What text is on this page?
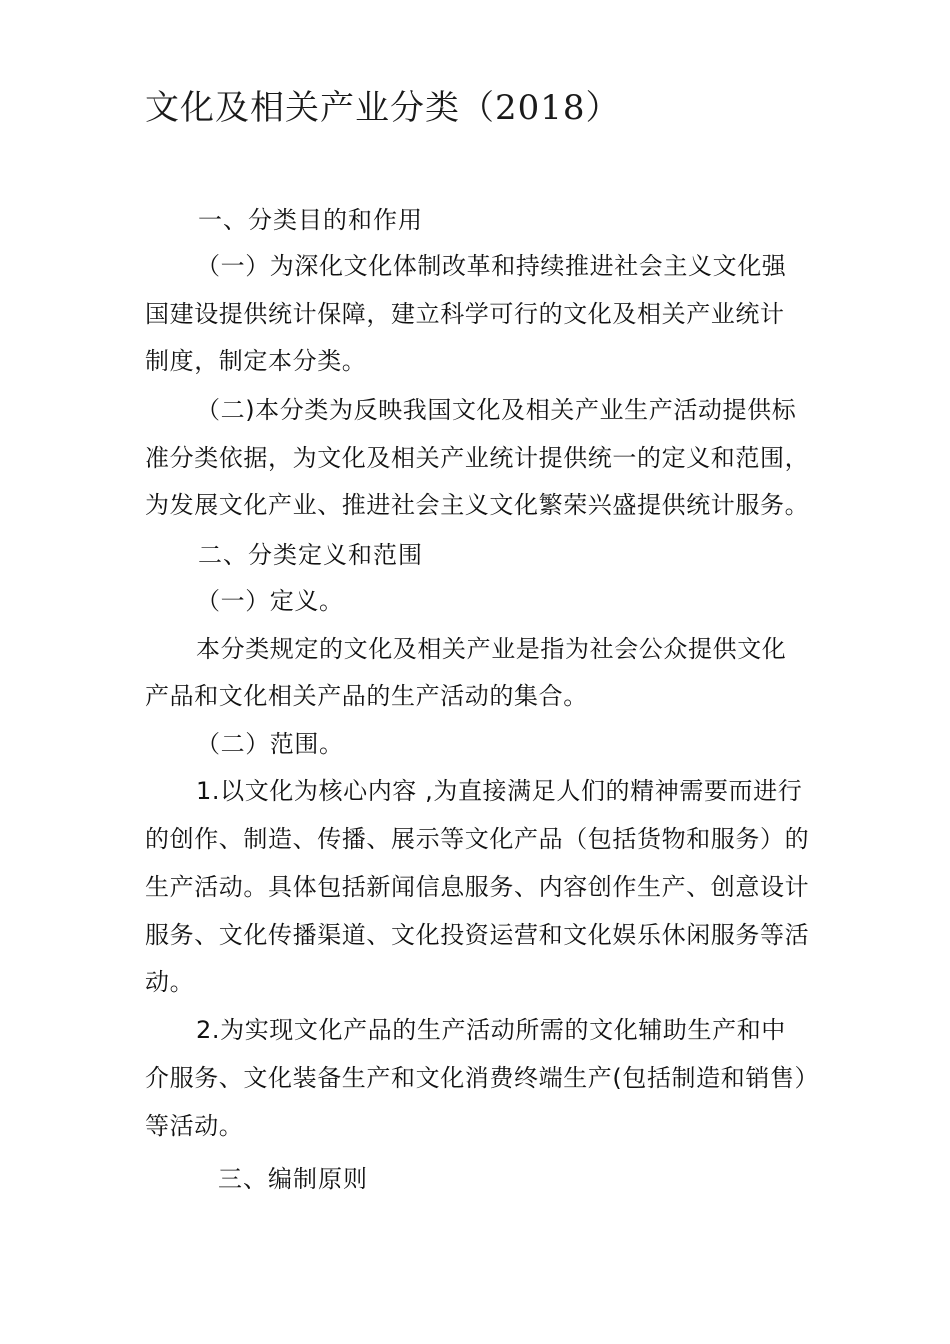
文化及相关产业分类（2018）
一、分类目的和作用
（一）为深化文化体制改革和持续推进社会主义文化强
国建设提供统计保障，建立科学可行的文化及相关产业统计
制度，制定本分类。
（二)本分类为反映我国文化及相关产业生产活动提供标
准分类依据，为文化及相关产业统计提供统一的定义和范围，
为发展文化产业、推进社会主义文化繁荣兴盛提供统计服务。
二、分类定义和范围
（一）定义。
本分类规定的文化及相关产业是指为社会公众提供文化
产品和文化相关产品的生产活动的集合。
（二）范围。
1.以文化为核心内容 ,为直接满足人们的精神需要而进行
的创作、制造、传播、展示等文化产品（包括货物和服务）的
生产活动。具体包括新闻信息服务、内容创作生产、创意设计
服务、文化传播渠道、文化投资运营和文化娱乐休闲服务等活
动。
2.为实现文化产品的生产活动所需的文化辅助生产和中
介服务、文化装备生产和文化消费终端生产(包括制造和销售）
等活动。
三、编制原则
